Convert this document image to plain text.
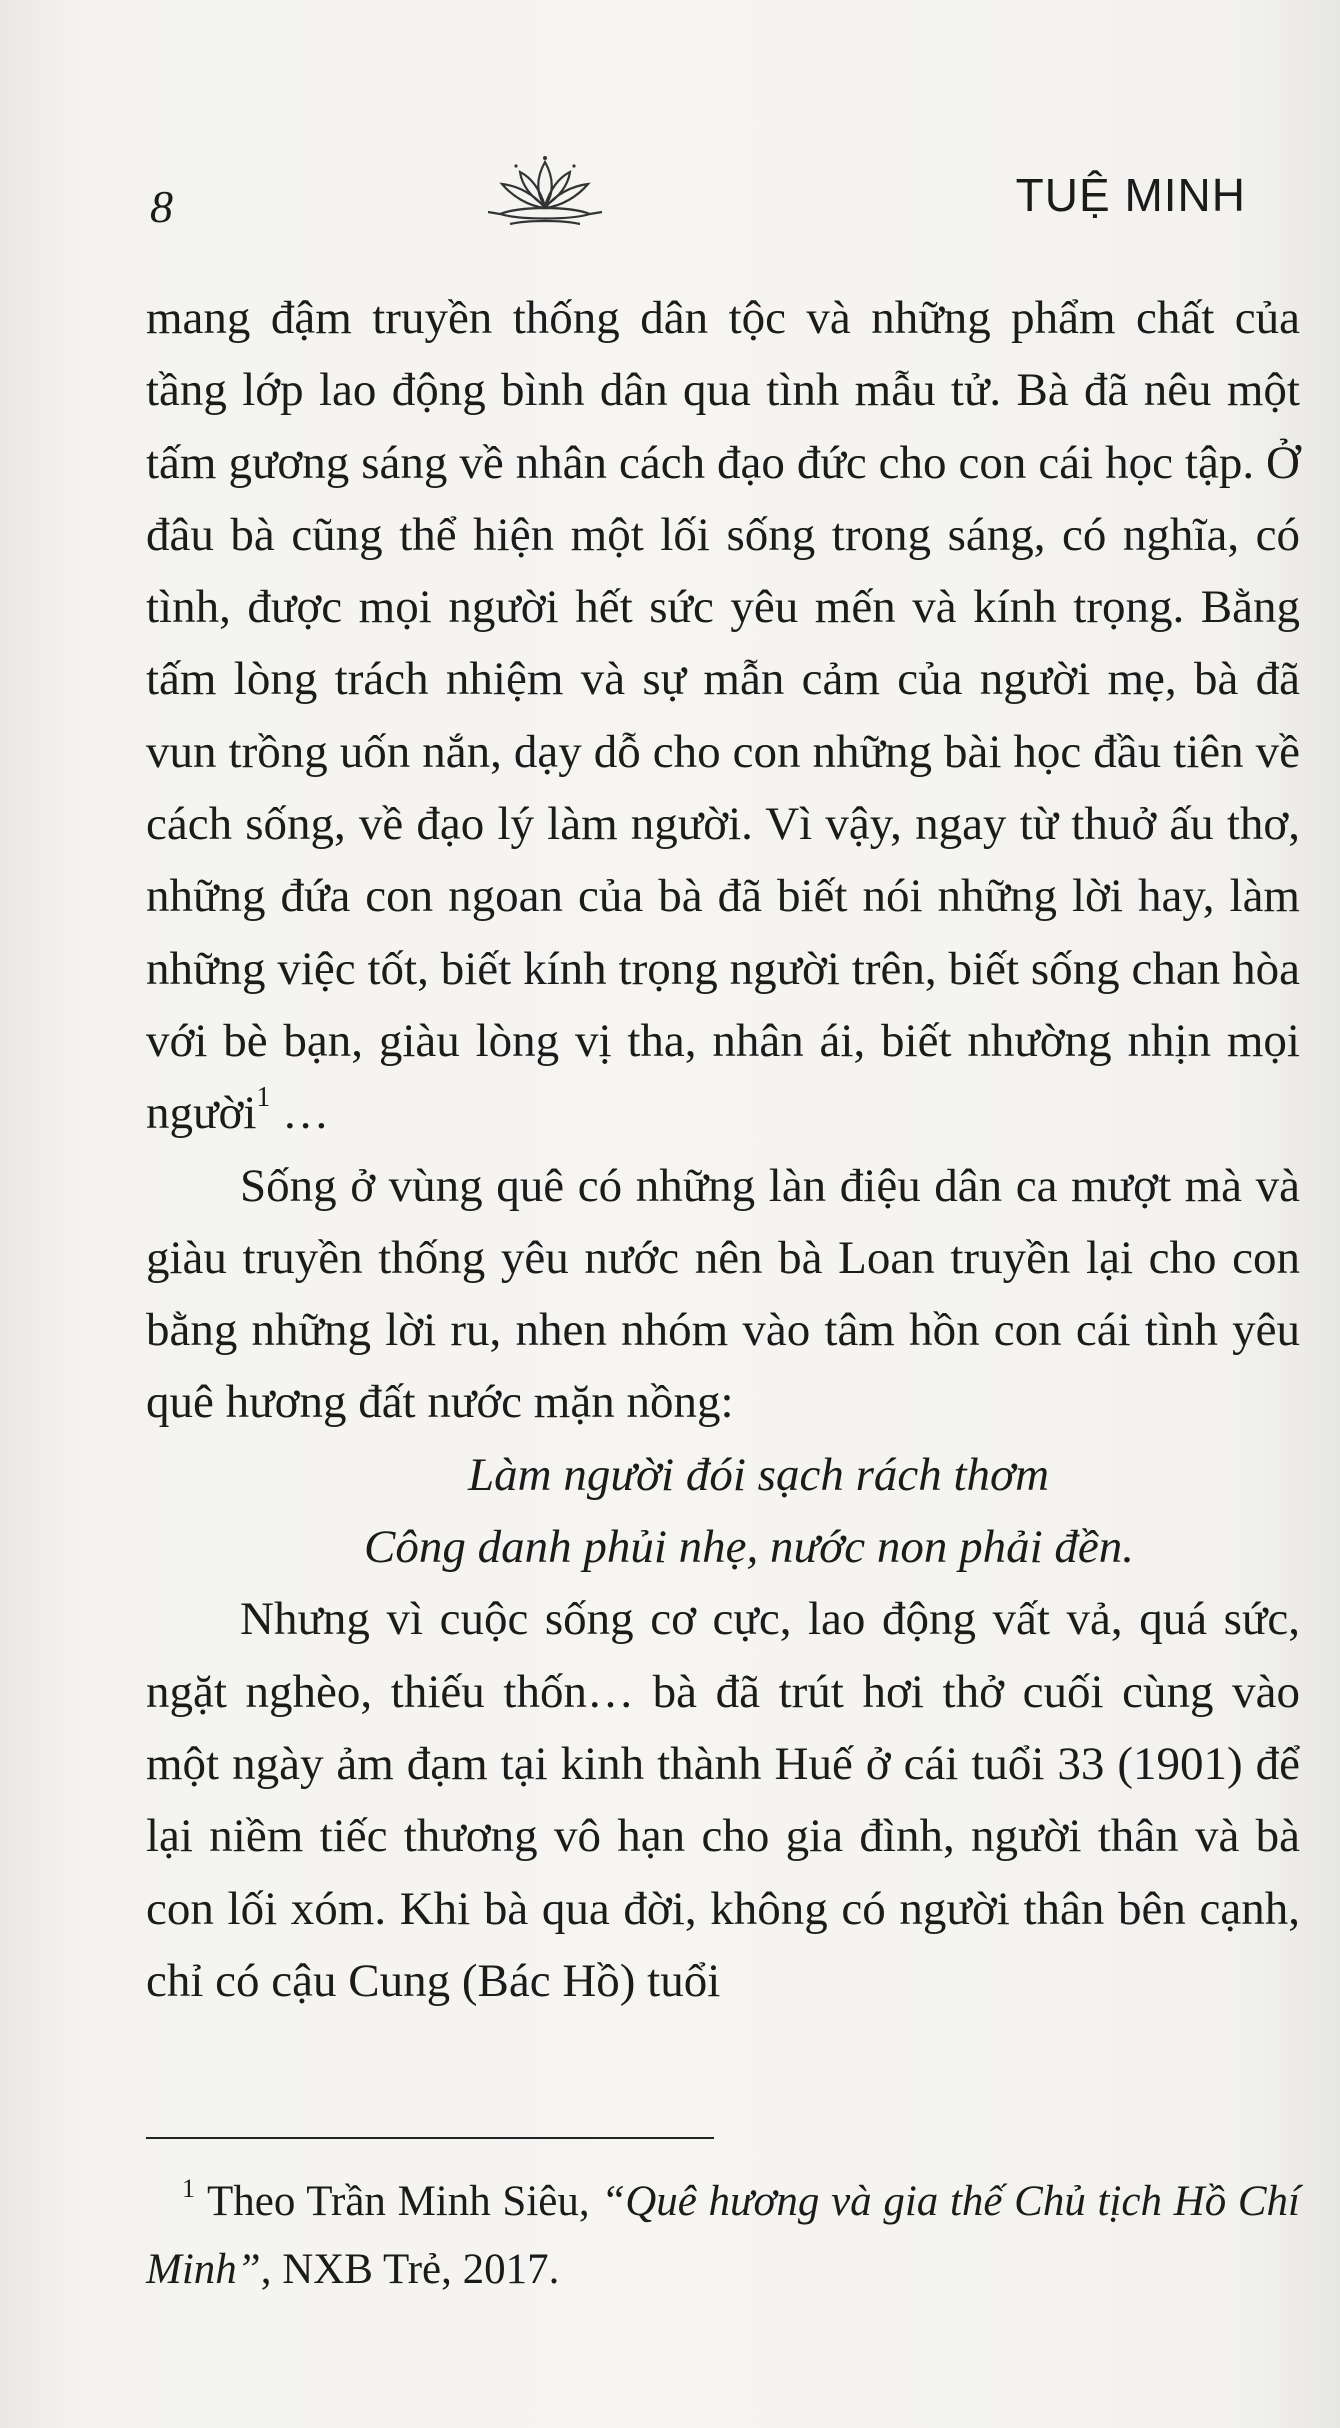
8	TUỆ MINH

mang đậm truyền thống dân tộc và những phẩm chất của tầng lớp lao động bình dân qua tình mẫu tử. Bà đã nêu một tấm gương sáng về nhân cách đạo đức cho con cái học tập. Ở đâu bà cũng thể hiện một lối sống trong sáng, có nghĩa, có tình, được mọi người hết sức yêu mến và kính trọng. Bằng tấm lòng trách nhiệm và sự mẫn cảm của người mẹ, bà đã vun trồng uốn nắn, dạy dỗ cho con những bài học đầu tiên về cách sống, về đạo lý làm người. Vì vậy, ngay từ thuở ấu thơ, những đứa con ngoan của bà đã biết nói những lời hay, làm những việc tốt, biết kính trọng người trên, biết sống chan hòa với bè bạn, giàu lòng vị tha, nhân ái, biết nhường nhịn mọi người$^1$ …

Sống ở vùng quê có những làn điệu dân ca mượt mà và giàu truyền thống yêu nước nên bà Loan truyền lại cho con bằng những lời ru, nhen nhóm vào tâm hồn con cái tình yêu quê hương đất nước mặn nồng:

Làm người đói sạch rách thơm
Công danh phủi nhẹ, nước non phải đền.

Nhưng vì cuộc sống cơ cực, lao động vất vả, quá sức, ngặt nghèo, thiếu thốn… bà đã trút hơi thở cuối cùng vào một ngày ảm đạm tại kinh thành Huế ở cái tuổi 33 (1901) để lại niềm tiếc thương vô hạn cho gia đình, người thân và bà con lối xóm. Khi bà qua đời, không có người thân bên cạnh, chỉ có cậu Cung (Bác Hồ) tuổi

$^1$ Theo Trần Minh Siêu, “Quê hương và gia thế Chủ tịch Hồ Chí Minh”, NXB Trẻ, 2017.
